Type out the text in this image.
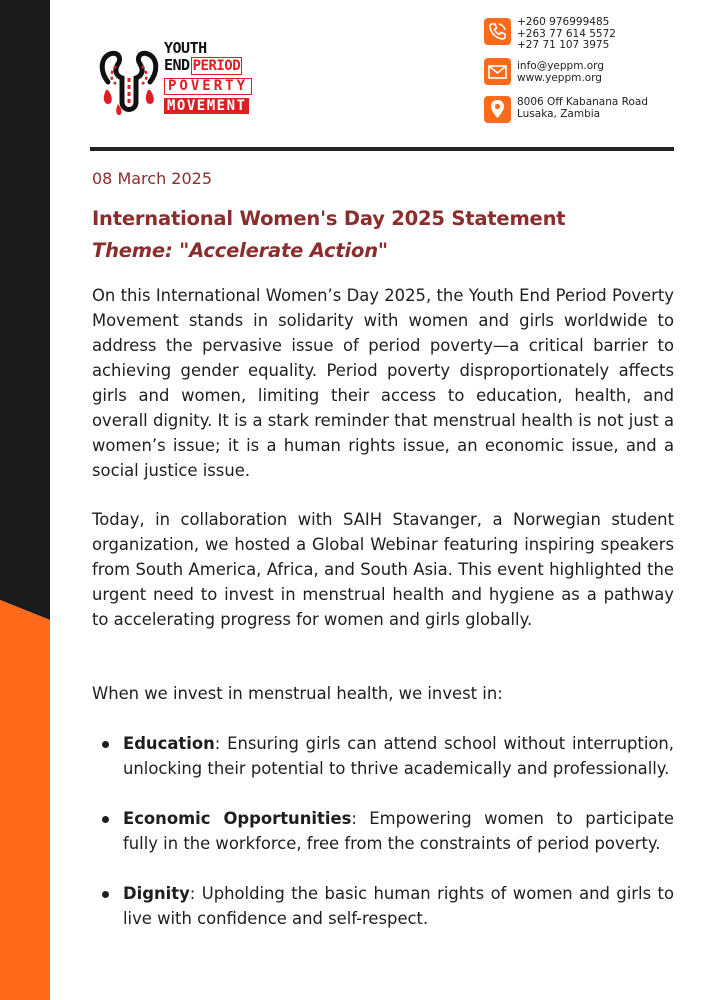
YOUTH
END PERIOD
POVERTY
MOVEMENT
+260 976999485
+263 77 614 5572
+27 71 107 3975
info@yeppm.org
www.yeppm.org
8006 Off Kabanana Road
Lusaka, Zambia
08 March 2025
International Women's Day 2025 Statement
Theme: "Accelerate Action"

On this International Women’s Day 2025, the Youth End Period Poverty Movement stands in solidarity with women and girls worldwide to address the pervasive issue of period poverty—a critical barrier to achieving gender equality. Period poverty disproportionately affects girls and women, limiting their access to education, health, and overall dignity. It is a stark reminder that menstrual health is not just a women’s issue; it is a human rights issue, an economic issue, and a social justice issue.

Today, in collaboration with SAIH Stavanger, a Norwegian student organization, we hosted a Global Webinar featuring inspiring speakers from South America, Africa, and South Asia. This event highlighted the urgent need to invest in menstrual health and hygiene as a pathway to accelerating progress for women and girls globally.

When we invest in menstrual health, we invest in:

Education: Ensuring girls can attend school without interruption, unlocking their potential to thrive academically and professionally.
Economic Opportunities: Empowering women to participate fully in the workforce, free from the constraints of period poverty.
Dignity: Upholding the basic human rights of women and girls to live with confidence and self-respect.
